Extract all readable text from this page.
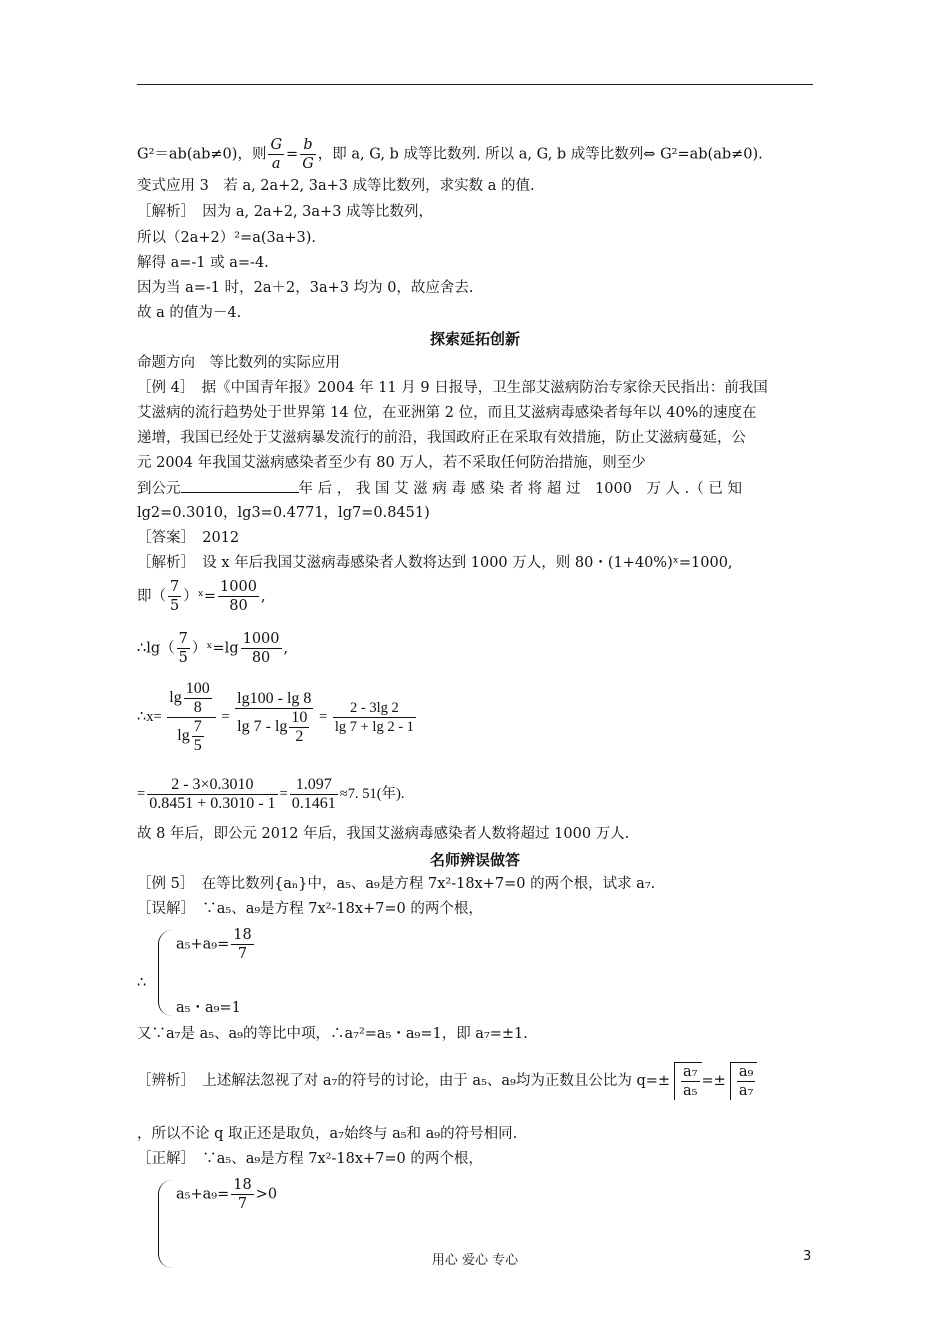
G²＝ab(ab≠0)，则 $\frac{G}{a} = \frac{b}{G}$ ，即 a, G, b 成等比数列. 所以 a, G, b 成等比数列⇔ G²=ab(ab≠0).
变式应用 3　若 a, 2a+2, 3a+3 成等比数列，求实数 a 的值.
［解析］　因为 a, 2a+2, 3a+3 成等比数列，
所以（2a+2）²=a(3a+3).
解得 a=-1 或 a=-4.
因为当 a=-1 时，2a＋2，3a+3 均为 0，故应舍去.
故 a 的值为－4.
探索延拓创新
命题方向　等比数列的实际应用
［例 4］　据《中国青年报》2004 年 11 月 9 日报导，卫生部艾滋病防治专家徐天民指出：前我国
艾滋病的流行趋势处于世界第 14 位，在亚洲第 2 位，而且艾滋病毒感染者每年以 40%的速度在
递增，我国已经处于艾滋病暴发流行的前沿，我国政府正在采取有效措施，防止艾滋病蔓延，公
元 2004 年我国艾滋病感染者至少有 80 万人，若不采取任何防治措施，则至少
到公元	年 后 ， 我 国 艾 滋 病 毒 感 染 者 将 超 过　1000　万 人 .（ 已 知
lg2=0.3010，lg3=0.4771，lg7=0.8451)
［答案］　2012
［解析］　设 x 年后我国艾滋病毒感染者人数将达到 1000 万人，则 80・(1+40%)ˣ=1000,
即（ $\frac{7}{5}$ ）ˣ= $\frac{1000}{80}$ ,
∴lg（ $\frac{7}{5}$ ）ˣ=lg $\frac{1000}{80}$ ,
∴x= $\frac{\lg \frac{100}{8}}{\lg \frac{7}{5}} = \frac{\lg 100 - \lg 8}{\lg 7 - \lg \frac{10}{2}} = \frac{2 - 3\lg 2}{\lg 7 + \lg 2 - 1}$
= $\frac{2 - 3\times 0.3010}{0.8451 + 0.3010 - 1} = \frac{1.097}{0.1461} \approx 7$. 51(年).
故 8 年后，即公元 2012 年后，我国艾滋病毒感染者人数将超过 1000 万人.
名师辨误做答
［例 5］　在等比数列{aₙ}中，a₅、a₉是方程 7x²-18x+7=0 的两个根，试求 a₇.
［误解］　∵a₅、a₉是方程 7x²-18x+7=0 的两个根，
$a_5+a_9= \frac{18}{7}$
∴
a₅・a₉=1
又∵a₇是 a₅、a₉的等比中项，∴a₇²=a₅・a₉=1，即 a₇=±1.
［辨析］　上述解法忽视了对 a₇的符号的讨论，由于 a₅、a₉均为正数且公比为 $q=\pm \frac{\text{a₇}}{\text{a₅}} =\pm \frac{\text{a₉}}{\text{a₇}}$
，所以不论 q 取正还是取负，a₇始终与 a₅和 a₉的符号相同.
［正解］　∵a₅、a₉是方程 7x²-18x+7=0 的两个根，
$a_5+a_9= \frac{18}{7} >0$
用心 爱心 专心	3
